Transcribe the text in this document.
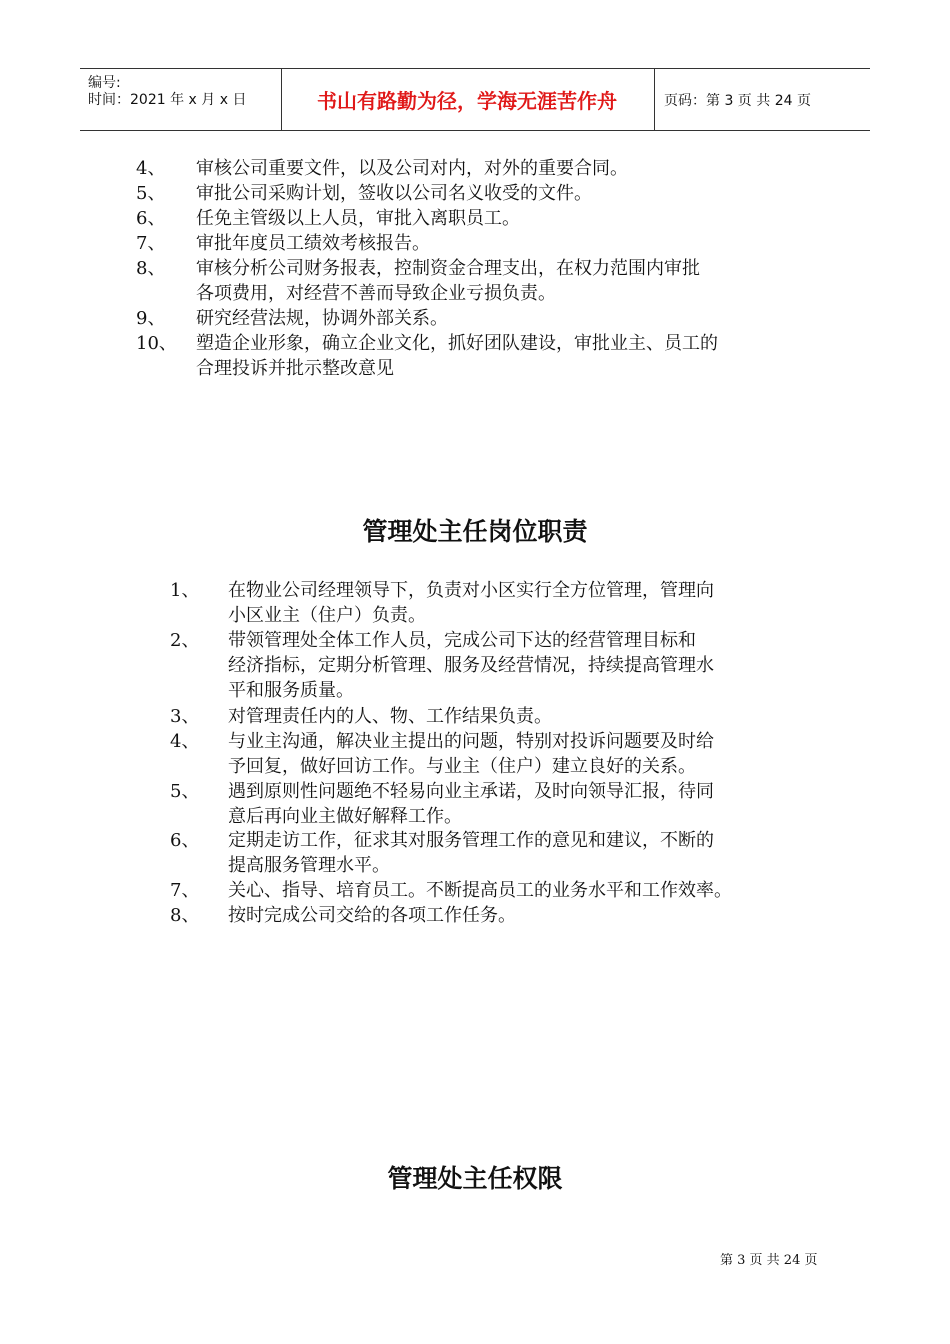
编号:
时间：2021 年 x 月 x 日	书山有路勤为径，学海无涯苦作舟	页码：第 3 页 共 24 页
4、 审核公司重要文件，以及公司对内，对外的重要合同。
5、 审批公司采购计划，签收以公司名义收受的文件。
6、 任免主管级以上人员，审批入离职员工。
7、 审批年度员工绩效考核报告。
8、 审核分析公司财务报表，控制资金合理支出，在权力范围内审批
各项费用，对经营不善而导致企业亏损负责。
9、 研究经营法规，协调外部关系。
10、 塑造企业形象，确立企业文化，抓好团队建设，审批业主、员工的
合理投诉并批示整改意见
管理处主任岗位职责
1、 在物业公司经理领导下，负责对小区实行全方位管理，管理向
小区业主（住户）负责。
2、 带领管理处全体工作人员，完成公司下达的经营管理目标和
经济指标，定期分析管理、服务及经营情况，持续提高管理水
平和服务质量。
3、 对管理责任内的人、物、工作结果负责。
4、 与业主沟通，解决业主提出的问题，特别对投诉问题要及时给
予回复，做好回访工作。与业主（住户）建立良好的关系。
5、 遇到原则性问题绝不轻易向业主承诺，及时向领导汇报，待同
意后再向业主做好解释工作。
6、 定期走访工作，征求其对服务管理工作的意见和建议，不断的
提高服务管理水平。
7、 关心、指导、培育员工。不断提高员工的业务水平和工作效率。
8、 按时完成公司交给的各项工作任务。
管理处主任权限
第 3 页 共 24 页
